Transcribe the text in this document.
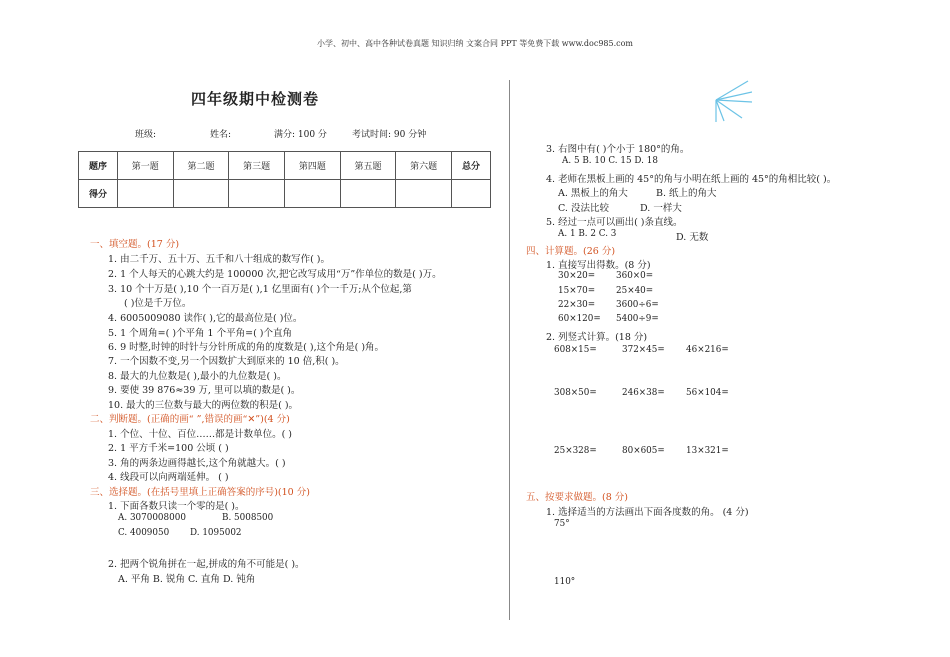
小学、初中、高中各种试卷真题 知识归纳 文案合同 PPT 等免费下载 www.doc985.com
四年级期中检测卷
班级:	姓名:	满分: 100 分	考试时间: 90 分钟
题序	第一题	第二题	第三题	第四题	第五题	第六题	总分
得分							
一、填空题。(17 分)
1. 由二千万、五十万、五千和八十组成的数写作( )。
2. 1 个人每天的心跳大约是 100000 次,把它改写成用“万”作单位的数是( )万。
3. 10 个十万是( ),10 个一百万是( ),1 亿里面有( )个一千万;从个位起,第
( )位是千万位。
4. 6005009080 读作( ),它的最高位是( )位。
5. 1 个周角=( )个平角 1 个平角=( )个直角
6. 9 时整,时钟的时针与分针所成的角的度数是( ),这个角是( )角。
7. 一个因数不变,另一个因数扩大到原来的 10 倍,积( )。
8. 最大的九位数是( ),最小的九位数是( )。
9. 要使 39 876≈39 万, 里可以填的数是( )。
10. 最大的三位数与最大的两位数的积是( )。
二、判断题。(正确的画“ ”,错误的画“✕”)(4 分)
1. 个位、十位、百位……都是计数单位。( )
2. 1 平方千米=100 公顷 ( )
3. 角的两条边画得越长,这个角就越大。( )
4. 线段可以向两端延伸。 ( )
三、选择题。(在括号里填上正确答案的序号)(10 分)
1. 下面各数只读一个零的是( )。
A. 3070008000	B. 5008500
C. 4009050 D. 1095002
2. 把两个锐角拼在一起,拼成的角不可能是( )。
A. 平角 B. 锐角 C. 直角 D. 钝角
3. 右图中有( )个小于 180°的角。
A. 5 B. 10 C. 15 D. 18
4. 老师在黑板上画的 45°的角与小明在纸上画的 45°的角相比较( )。
A. 黑板上的角大	B. 纸上的角大
C. 没法比较	D. 一样大
5. 经过一点可以画出( )条直线。
A. 1 B. 2 C. 3	D. 无数
四、计算题。(26 分)
1. 直接写出得数。(8 分)
30×20= 360×0=
15×70= 25×40=
22×30= 3600÷6=
60×120= 5400÷9=
2. 列竖式计算。(18 分)
608×15=	372×45= 46×216=
308×50=	246×38= 56×104=
25×328=	80×605= 13×321=
五、按要求做题。(8 分)
1. 选择适当的方法画出下面各度数的角。 (4 分)
75°
110°
